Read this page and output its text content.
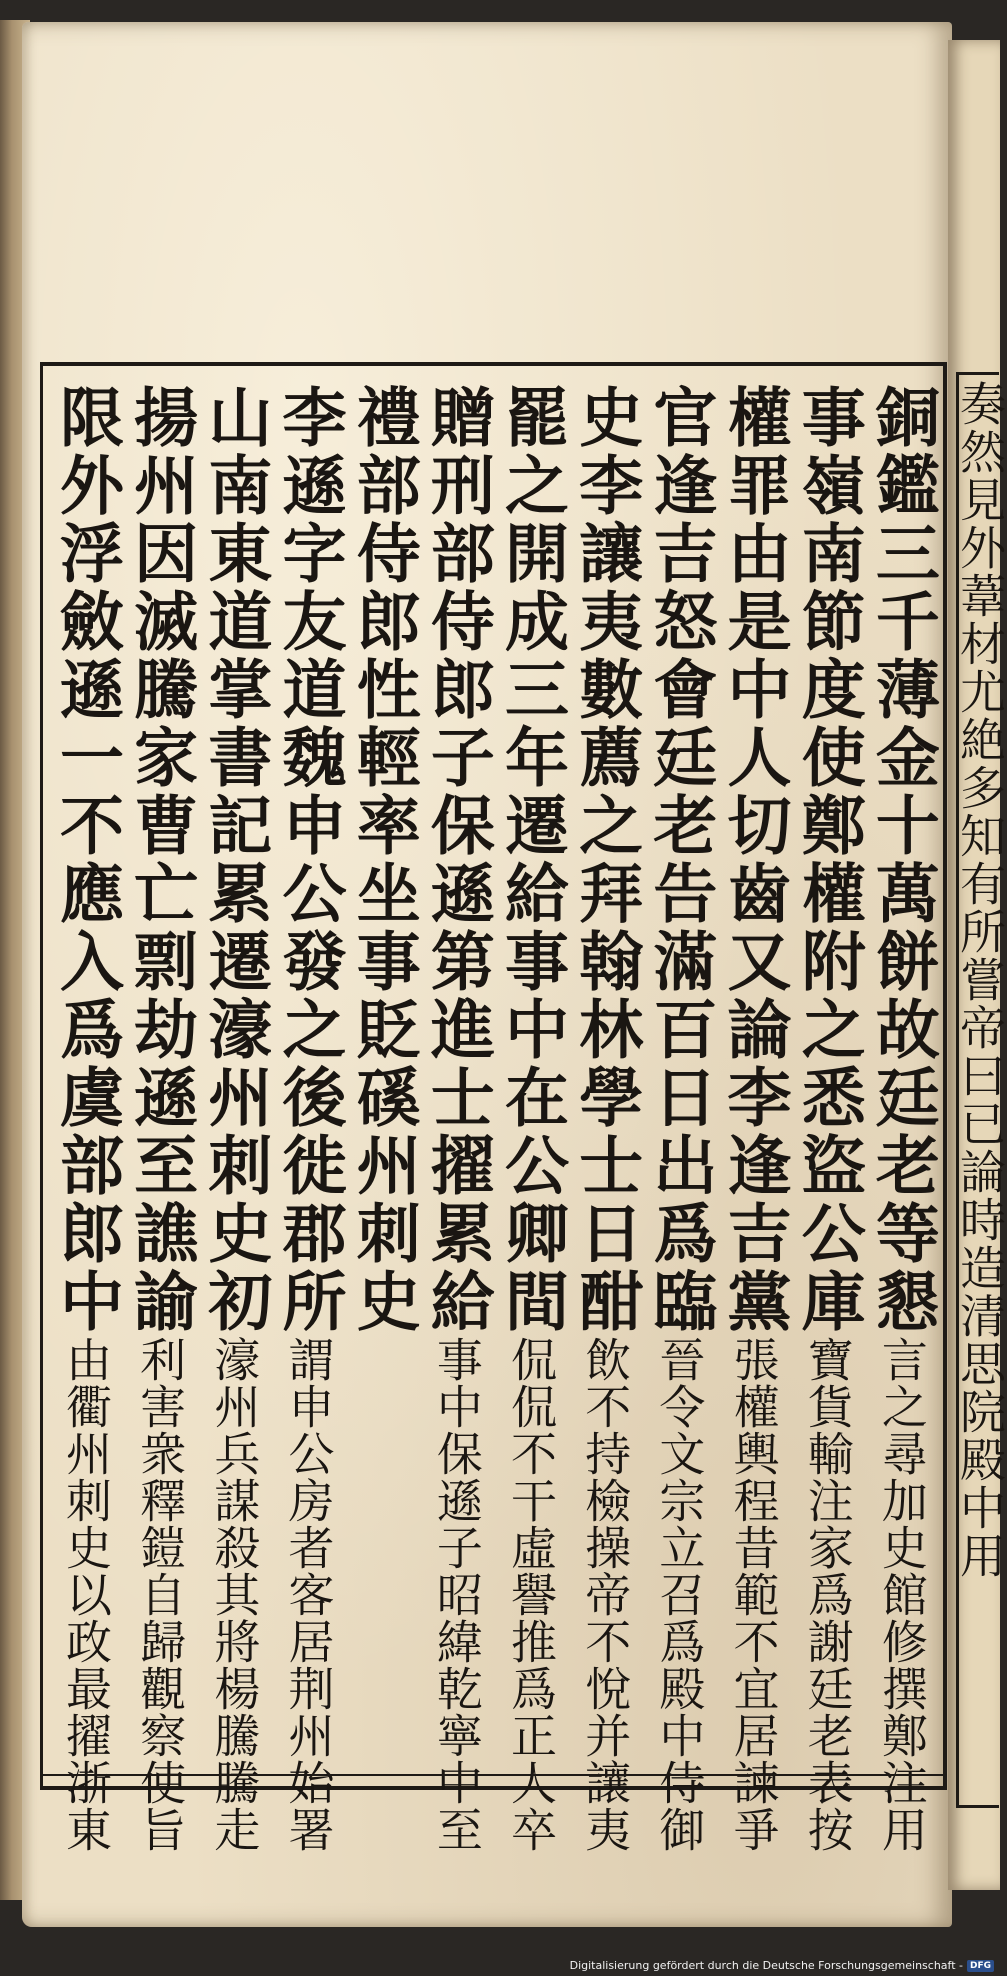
銅鑑三千薄金十萬餅故廷老等懇言之尋加史館修撰鄭注用
事嶺南節度使鄭權附之悉盜公庫寶貨輸注家爲謝廷老表按
權罪由是中人切齒又論李逢吉黨張權輿程昔範不宜居諫爭
官逢吉怒會廷老告滿百日出爲臨晉令文宗立召爲殿中侍御
史李讓夷數薦之拜翰林學士日酣飲不持檢操帝不悅并讓夷
罷之開成三年遷給事中在公卿間侃侃不干虛譽推爲正人卒
贈刑部侍郎子保遜第進士擢累給事中保遜子昭緯乾寧中至
禮部侍郎性輕率坐事貶磎州刺史
李遜字友道魏申公發之後徙郡所謂申公房者客居荆州始署
山南東道掌書記累遷濠州刺史初濠州兵謀殺其將楊騰騰走
揚州因滅騰家曹亡剽劫遜至譙諭利害衆釋鎧自歸觀察使旨
限外浮斂遜一不應入爲虞部郎中由衢州刺史以政最擢浙東
奏然見外葦材尤絶多知有所嘗帝曰已論時造清思院殿中用
Digitalisierung gefördert durch die Deutsche Forschungsgemeinschaft - DFG
